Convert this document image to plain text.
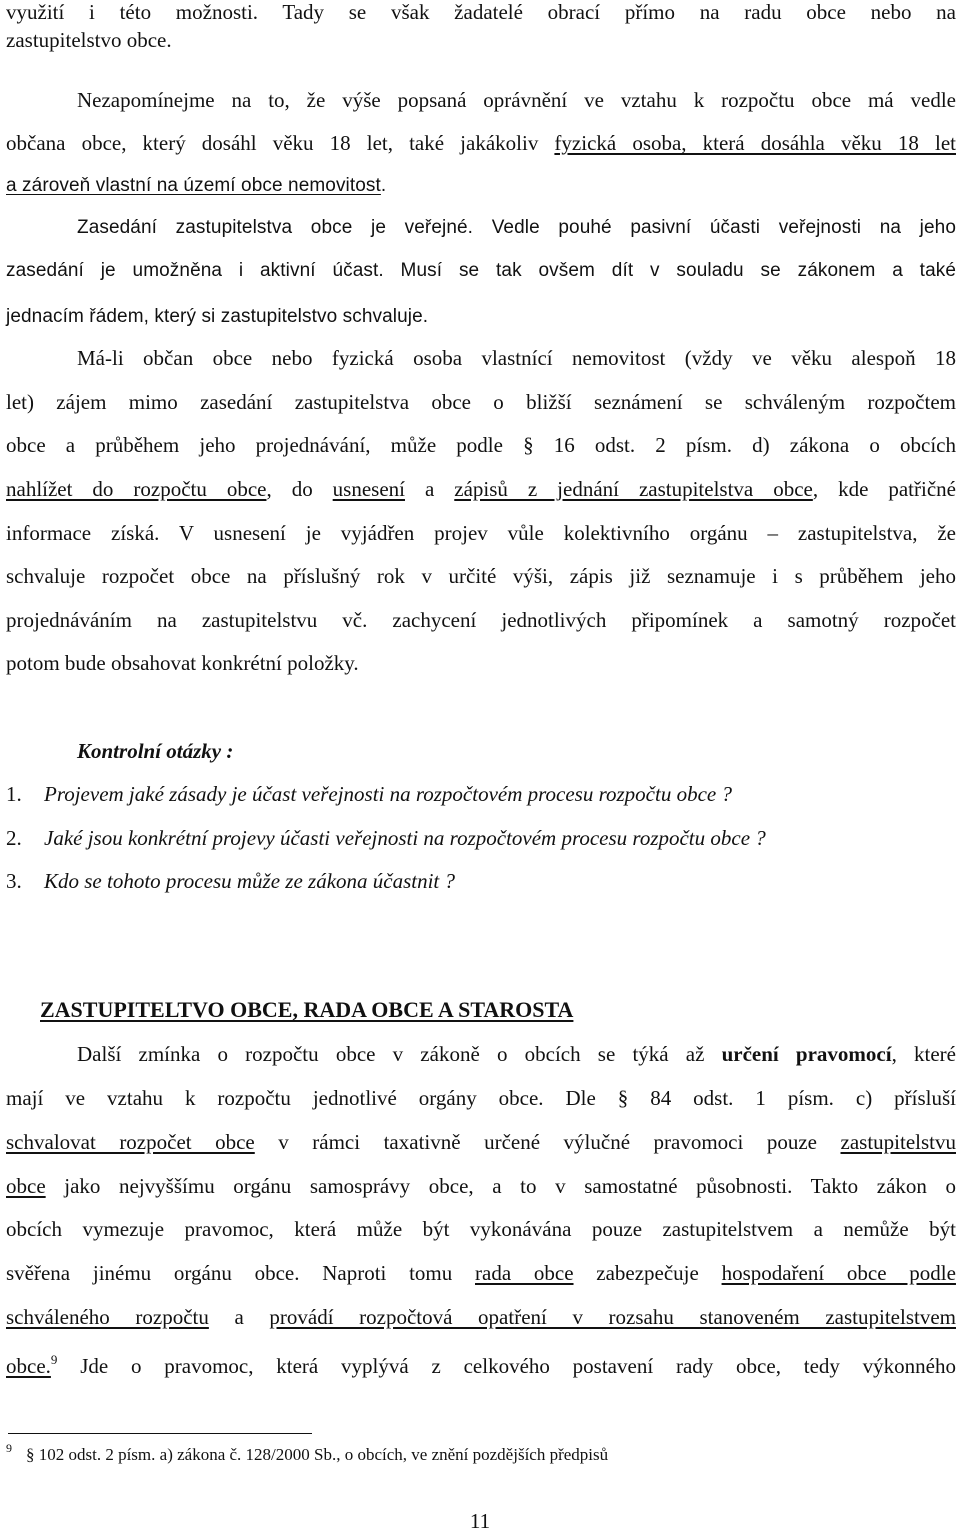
využití i této možnosti. Tady se však žadatelé obrací přímo na radu obce nebo na
zastupitelstvo obce.
Nezapomínejme na to, že výše popsaná oprávnění ve vztahu k rozpočtu obce má vedle
občana obce, který dosáhl věku 18 let, také jakákoliv fyzická osoba, která dosáhla věku 18 let
a zároveň vlastní na území obce nemovitost.
Zasedání zastupitelstva obce je veřejné. Vedle pouhé pasivní účasti veřejnosti na jeho
zasedání je umožněna i aktivní účast. Musí se tak ovšem dít v souladu se zákonem a také
jednacím řádem, který si zastupitelstvo schvaluje.
Má-li občan obce nebo fyzická osoba vlastnící nemovitost (vždy ve věku alespoň 18
let) zájem mimo zasedání zastupitelstva obce o bližší seznámení se schváleným rozpočtem
obce a průběhem jeho projednávání, může podle § 16 odst. 2 písm. d) zákona o obcích
nahlížet do rozpočtu obce, do usnesení a zápisů z jednání zastupitelstva obce, kde patřičné
informace získá. V usnesení je vyjádřen projev vůle kolektivního orgánu – zastupitelstva, že
schvaluje rozpočet obce na příslušný rok v určité výši, zápis již seznamuje i s průběhem jeho
projednáváním na zastupitelstvu vč. zachycení jednotlivých připomínek a samotný rozpočet
potom bude obsahovat konkrétní položky.
Kontrolní otázky :
1. Projevem jaké zásady je účast veřejnosti na rozpočtovém procesu rozpočtu obce ?
2. Jaké jsou konkrétní projevy účasti veřejnosti na rozpočtovém procesu rozpočtu obce ?
3. Kdo se tohoto procesu může ze zákona účastnit ?
ZASTUPITELTVO OBCE, RADA OBCE A STAROSTA
Další zmínka o rozpočtu obce v zákoně o obcích se týká až určení pravomocí, které
mají ve vztahu k rozpočtu jednotlivé orgány obce. Dle § 84 odst. 1 písm. c) přísluší
schvalovat rozpočet obce v rámci taxativně určené výlučné pravomoci pouze zastupitelstvu
obce jako nejvyššímu orgánu samosprávy obce, a to v samostatné působnosti. Takto zákon o
obcích vymezuje pravomoc, která může být vykonávána pouze zastupitelstvem a nemůže být
svěřena jinému orgánu obce. Naproti tomu rada obce zabezpečuje hospodaření obce podle
schváleného rozpočtu a provádí rozpočtová opatření v rozsahu stanoveném zastupitelstvem
obce.$^9$ Jde o pravomoc, která vyplývá z celkového postavení rady obce, tedy výkonného
$^9$ § 102 odst. 2 písm. a) zákona č. 128/2000 Sb., o obcích, ve znění pozdějších předpisů
11
